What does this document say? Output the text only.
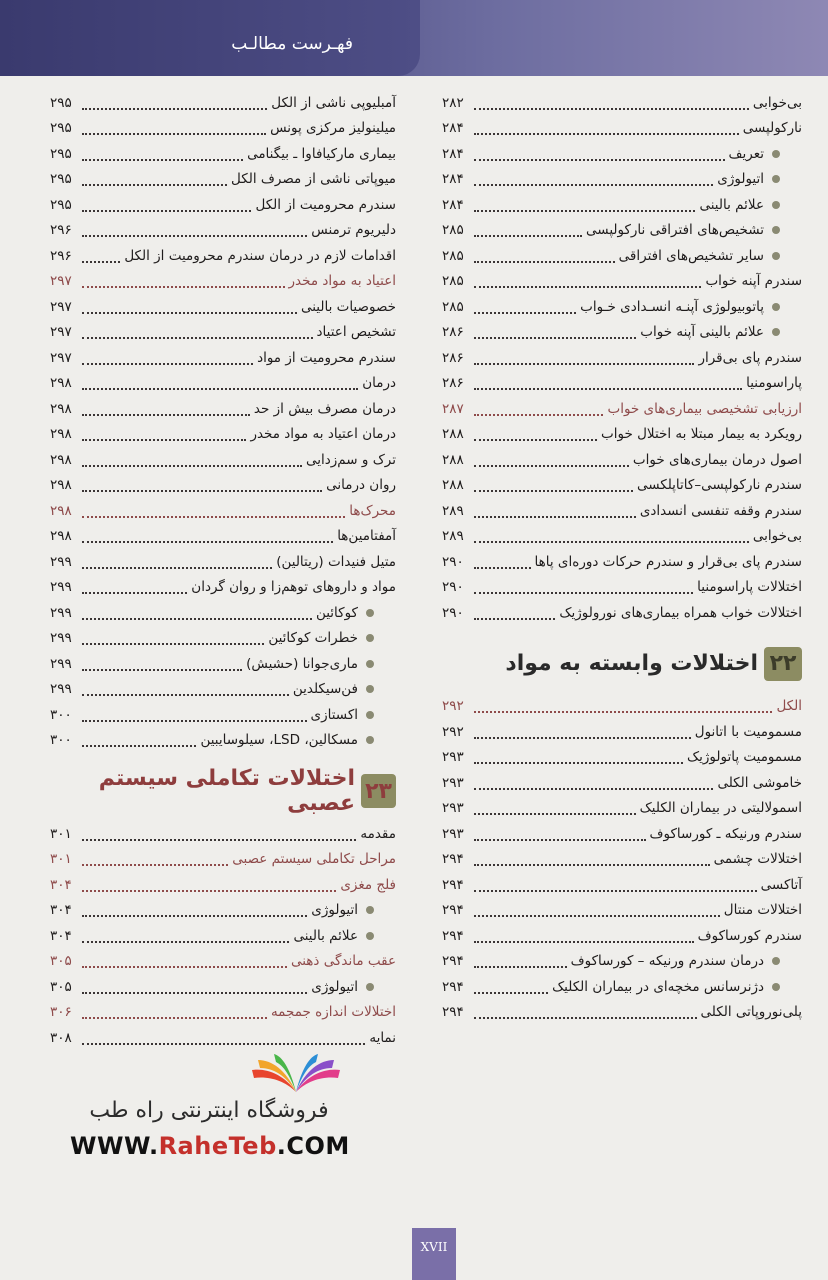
فهـرست مطالـب
بی‌خوابی
۲۸۲
نارکولپسی
۲۸۴
تعریف
۲۸۴
اتیولوژی
۲۸۴
علائم بالینی
۲۸۴
تشخیص‌های افتراقی نارکولپسی
۲۸۵
سایر تشخیص‌های افتراقی
۲۸۵
سندرم آپنه خواب
۲۸۵
پاتوبیولوژی آپنـه انسـدادی خـواب
۲۸۵
علائم بالینی آپنه خواب
۲۸۶
سندرم پای بی‌قرار
۲۸۶
پاراسومنیا
۲۸۶
ارزیابی تشخیصی بیماری‌های خواب
۲۸۷
رویکرد به بیمار مبتلا به اختلال خواب
۲۸۸
اصول درمان بیماری‌های خواب
۲۸۸
سندرم نارکولپسی–کاتاپلکسی
۲۸۸
سندرم وقفه تنفسی انسدادی
۲۸۹
بی‌خوابی
۲۸۹
سندرم پای بی‌قرار و سندرم حرکات دوره‌ای پاها
۲۹۰
اختلالات پاراسومنیا
۲۹۰
اختلالات خواب همراه بیماری‌های نورولوژیک
۲۹۰
۲۲
اختلالات وابسته به مواد
الکل
۲۹۲
مسمومیت با اتانول
۲۹۲
مسمومیت پاتولوژیک
۲۹۳
خاموشی الکلی
۲۹۳
اسمولالیتی در بیماران الکلیک
۲۹۳
سندرم ورنیکه ـ کورساکوف
۲۹۳
اختلالات چشمی
۲۹۴
آتاکسی
۲۹۴
اختلالات منتال
۲۹۴
سندرم کورساکوف
۲۹۴
درمان سندرم ورنیکه – کورساکوف
۲۹۴
دژنرسانس مخچه‌ای در بیماران الکلیک
۲۹۴
پلی‌نوروپاتی الکلی
۲۹۴
آمبلیوپی ناشی از الکل
۲۹۵
میلینولیز مرکزی پونس
۲۹۵
بیماری مارکیافاوا ـ بیگنامی
۲۹۵
میوپاتی ناشی از مصرف الکل
۲۹۵
سندرم محرومیت از الکل
۲۹۵
دلیریوم ترمنس
۲۹۶
اقدامات لازم در درمان سندرم محرومیت از الکل
۲۹۶
اعتیاد به مواد مخدر
۲۹۷
خصوصیات بالینی
۲۹۷
تشخیص اعتیاد
۲۹۷
سندرم محرومیت از مواد
۲۹۷
درمان
۲۹۸
درمان مصرف بیش از حد
۲۹۸
درمان اعتیاد به مواد مخدر
۲۹۸
ترک و سم‌زدایی
۲۹۸
روان درمانی
۲۹۸
محرک‌ها
۲۹۸
آمفتامین‌ها
۲۹۸
متیل فنیدات (ریتالین)
۲۹۹
مواد و داروهای توهم‌زا و روان گردان
۲۹۹
کوکائین
۲۹۹
خطرات کوکائین
۲۹۹
ماری‌جوانا (حشیش)
۲۹۹
فن‌سیکلدین
۲۹۹
اکستازی
۳۰۰
مسکالین، LSD، سیلوسایبین
۳۰۰
۲۳
اختلالات تکاملی سیستم عصبی
مقدمه
۳۰۱
مراحل تکاملی سیستم عصبی
۳۰۱
فلج مغزی
۳۰۴
اتیولوژی
۳۰۴
علائم بالینی
۳۰۴
عقب ماندگی ذهنی
۳۰۵
اتیولوژی
۳۰۵
اختلالات اندازه جمجمه
۳۰۶
نمایه
۳۰۸
فروشگاه اینترنتی راه طب
WWW.RaheTeb.COM
XVII
